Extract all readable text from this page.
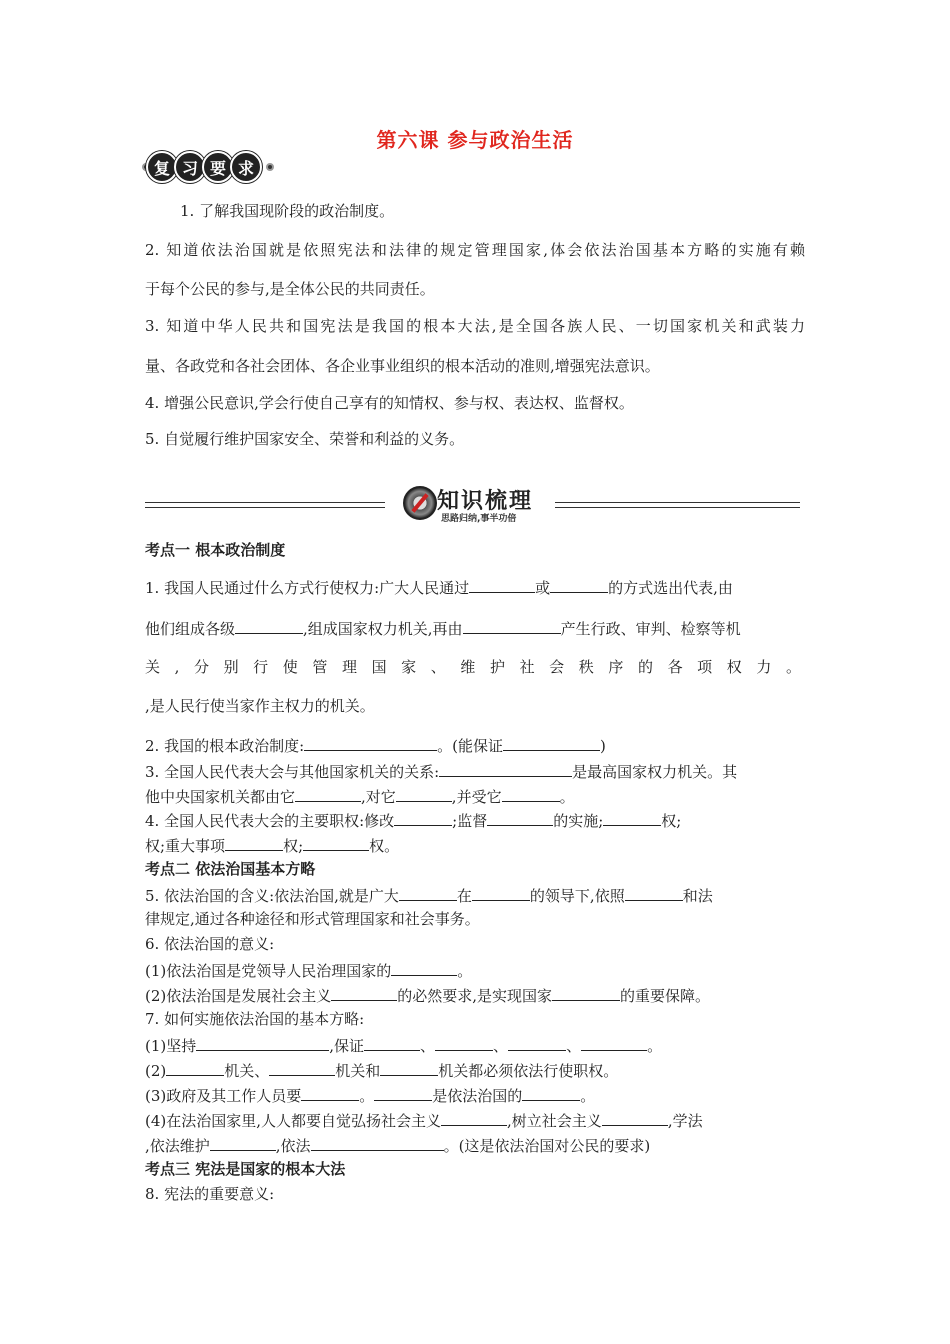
第六课 参与政治生活
复 习 要 求
1. 了解我国现阶段的政治制度。
2. 知道依法治国就是依照宪法和法律的规定管理国家,体会依法治国基本方略的实施有赖
于每个公民的参与,是全体公民的共同责任。
3. 知道中华人民共和国宪法是我国的根本大法,是全国各族人民、一切国家机关和武装力
量、各政党和各社会团体、各企业事业组织的根本活动的准则,增强宪法意识。
4. 增强公民意识,学会行使自己享有的知情权、参与权、表达权、监督权。
5. 自觉履行维护国家安全、荣誉和利益的义务。
知识梳理
思路归纳,事半功倍
考点一 根本政治制度
1. 我国人民通过什么方式行使权力:广大人民通过	或	的方式选出代表,由
他们组成各级	,组成国家权力机关,再由	产生行政、审判、检察等机
关,分别行使管理国家、维护社会秩序的各项权力。
,是人民行使当家作主权力的机关。
2. 我国的根本政治制度:	。(能保证	)
3. 全国人民代表大会与其他国家机关的关系:	是最高国家权力机关。其
他中央国家机关都由它	,对它	,并受它	。
4. 全国人民代表大会的主要职权:修改	;监督	的实施;	权;
权;重大事项	权;	权。
考点二 依法治国基本方略
5. 依法治国的含义:依法治国,就是广大	在	的领导下,依照	和法
律规定,通过各种途径和形式管理国家和社会事务。
6. 依法治国的意义:
(1)依法治国是党领导人民治理国家的	。
(2)依法治国是发展社会主义	的必然要求,是实现国家	的重要保障。
7. 如何实施依法治国的基本方略:
(1)坚持	,保证	、	、	、	。
(2)	机关、	机关和	机关都必须依法行使职权。
(3)政府及其工作人员要	。	是依法治国的	。
(4)在法治国家里,人人都要自觉弘扬社会主义	,树立社会主义	,学法
,依法维护	,依法	。(这是依法治国对公民的要求)
考点三 宪法是国家的根本大法
8. 宪法的重要意义:
